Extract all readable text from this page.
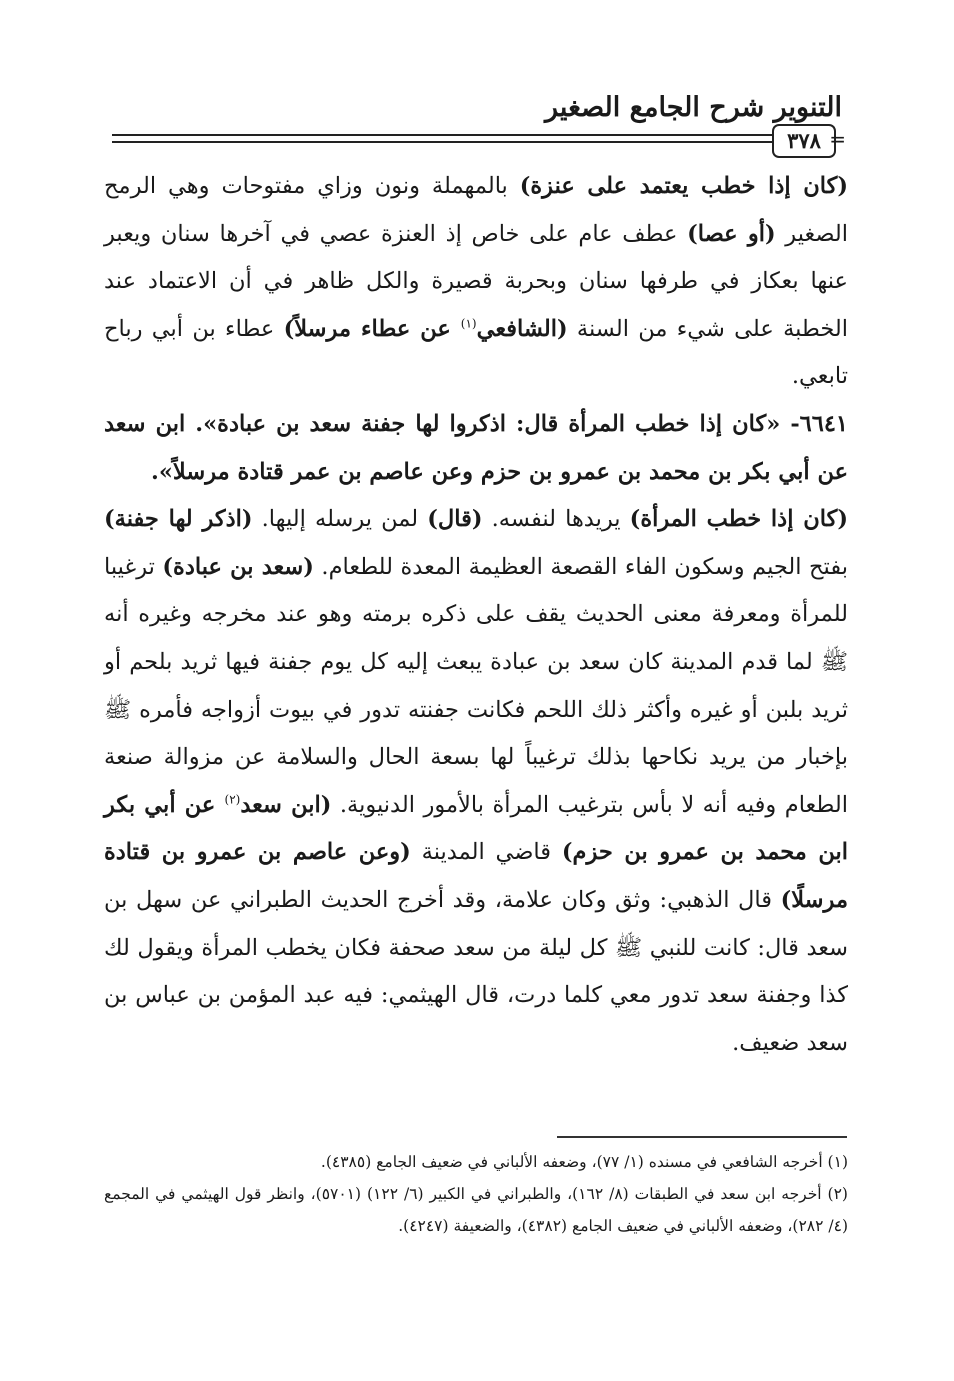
التنوير شرح الجامع الصغير
٣٧٨ =

(كان إذا خطب يعتمد على عنزة) بالمهملة ونون وزاي مفتوحات وهي الرمح الصغير (أو عصا) عطف عام على خاص إذ العنزة عصي في آخرها سنان ويعبر عنها بعكاز في طرفها سنان وبحربة قصيرة والكل ظاهر في أن الاعتماد عند الخطبة على شيء من السنة (الشافعي$^{(١)}$ عن عطاء مرسلاً) عطاء بن أبي رباح تابعي.

٦٦٤١- «كان إذا خطب المرأة قال: اذكروا لها جفنة سعد بن عبادة». ابن سعد عن أبي بكر بن محمد بن عمرو بن حزم وعن عاصم بن عمر قتادة مرسلاً».

(كان إذا خطب المرأة) يريدها لنفسه. (قال) لمن يرسله إليها. (اذكر لها جفنة) بفتح الجيم وسكون الفاء القصعة العظيمة المعدة للطعام. (سعد بن عبادة) ترغيبا للمرأة ومعرفة معنى الحديث يقف على ذكره برمته وهو عند مخرجه وغيره أنه ﷺ لما قدم المدينة كان سعد بن عبادة يبعث إليه كل يوم جفنة فيها ثريد بلحم أو ثريد بلبن أو غيره وأكثر ذلك اللحم فكانت جفنته تدور في بيوت أزواجه فأمره ﷺ بإخبار من يريد نكاحها بذلك ترغيباً لها بسعة الحال والسلامة عن مزوالة صنعة الطعام وفيه أنه لا بأس بترغيب المرأة بالأمور الدنيوية. (ابن سعد$^{(٢)}$ عن أبي بكر ابن محمد بن عمرو بن حزم) قاضي المدينة (وعن عاصم بن عمرو بن قتادة مرسلًا) قال الذهبي: وثق وكان علامة، وقد أخرج الحديث الطبراني عن سهل بن سعد قال: كانت للنبي ﷺ كل ليلة من سعد صحفة فكان يخطب المرأة ويقول لك كذا وجفنة سعد تدور معي كلما درت، قال الهيثمي: فيه عبد المؤمن بن عباس بن سعد ضعيف.

(١) أخرجه الشافعي في مسنده (١/ ٧٧)، وضعفه الألباني في ضعيف الجامع (٤٣٨٥).

(٢) أخرجه ابن سعد في الطبقات (٨/ ١٦٢)، والطبراني في الكبير (٦/ ١٢٢) (٥٧٠١)، وانظر قول الهيثمي في المجمع (٤/ ٢٨٢)، وضعفه الألباني في ضعيف الجامع (٤٣٨٢)، والضعيفة (٤٢٤٧).
